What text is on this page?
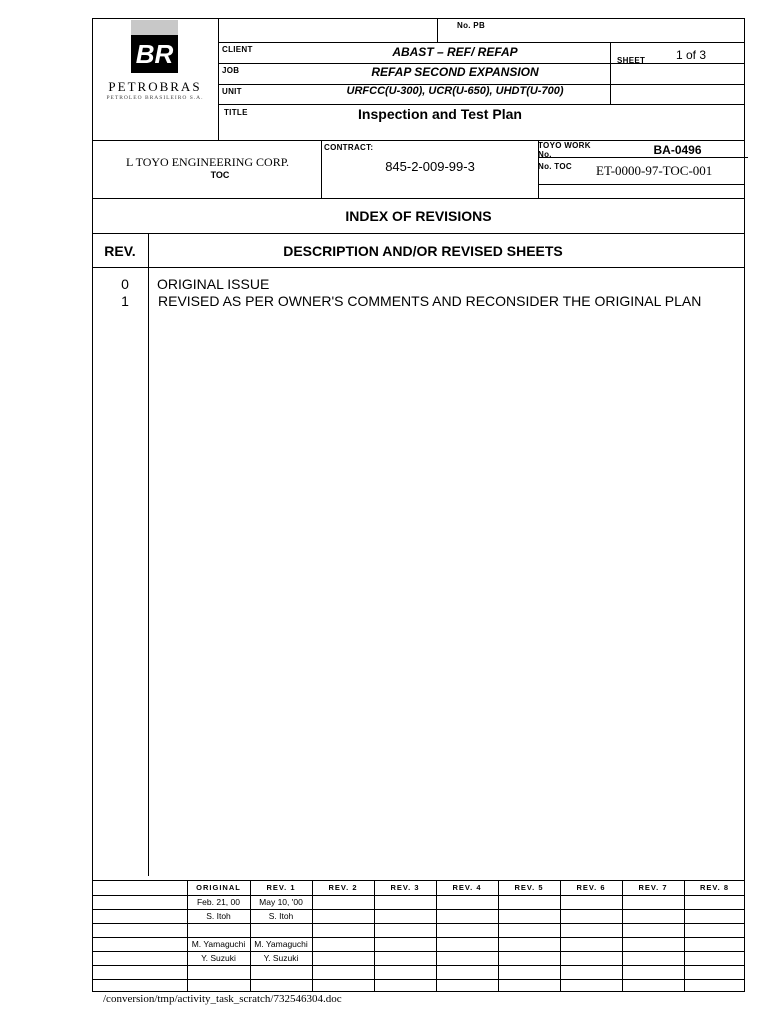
BR
PETROBRAS
PETROLEO BRASILEIRO S.A.
No. PB
CLIENT	ABAST – REF/ REFAP
SHEET	1 of 3
JOB	REFAP SECOND EXPANSION
UNIT	URFCC(U-300), UCR(U-650), UHDT(U-700)
TITLE	Inspection and Test Plan
L TOYO ENGINEERING CORP.
TOC
CONTRACT:
845-2-009-99-3
TOYO WORK No.	BA-0496
No. TOC ET-0000-97-TOC-001
INDEX OF REVISIONS
REV.	DESCRIPTION AND/OR REVISED SHEETS
0	ORIGINAL ISSUE
1	REVISED AS PER OWNER'S COMMENTS AND RECONSIDER THE ORIGINAL PLAN
ORIGINAL	REV. 1	REV. 2	REV. 3	REV. 4	REV. 5	REV. 6	REV. 7	REV. 8
Feb. 21, 00	May 10, '00
S. Itoh	S. Itoh
M. Yamaguchi	M. Yamaguchi
Y. Suzuki	Y. Suzuki
/conversion/tmp/activity_task_scratch/732546304.doc
